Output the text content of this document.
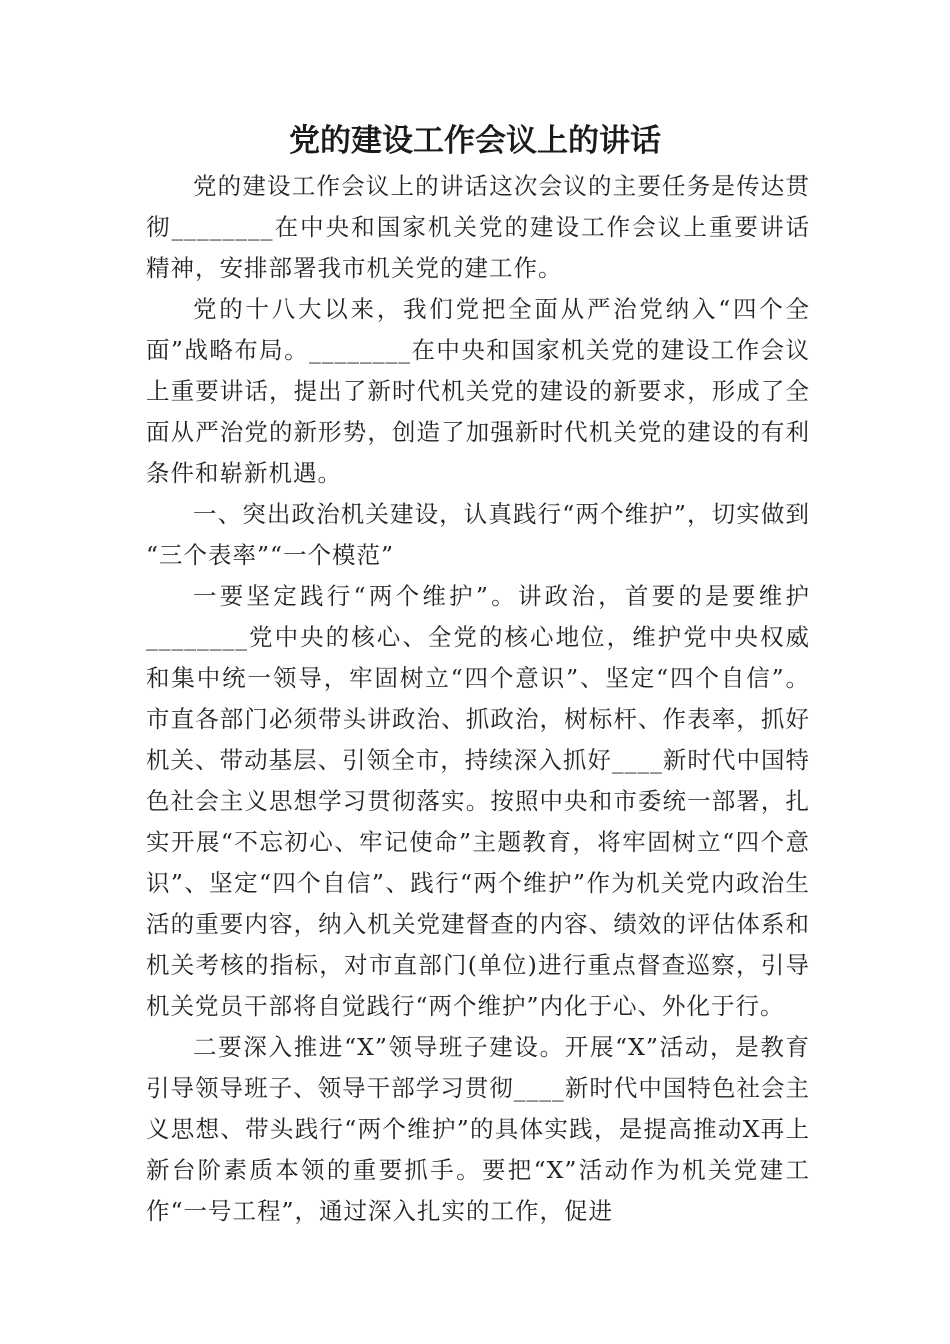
党的建设工作会议上的讲话

党的建设工作会议上的讲话这次会议的主要任务是传达贯彻________在中央和国家机关党的建设工作会议上重要讲话精神，安排部署我市机关党的建工作。

党的十八大以来，我们党把全面从严治党纳入“四个全面”战略布局。________在中央和国家机关党的建设工作会议上重要讲话，提出了新时代机关党的建设的新要求，形成了全面从严治党的新形势，创造了加强新时代机关党的建设的有利条件和崭新机遇。

一、突出政治机关建设，认真践行“两个维护”，切实做到 “三个表率”“一个模范”

一要坚定践行“两个维护”。讲政治，首要的是要维护________党中央的核心、全党的核心地位，维护党中央权威和集中统一领导，牢固树立“四个意识”、坚定“四个自信”。市直各部门必须带头讲政治、抓政治，树标杆、作表率，抓好机关、带动基层、引领全市，持续深入抓好____新时代中国特色社会主义思想学习贯彻落实。按照中央和市委统一部署，扎实开展“不忘初心、牢记使命”主题教育，将牢固树立“四个意识”、坚定“四个自信”、践行“两个维护”作为机关党内政治生活的重要内容，纳入机关党建督查的内容、绩效的评估体系和机关考核的指标，对市直部门(单位)进行重点督查巡察，引导机关党员干部将自觉践行“两个维护”内化于心、外化于行。

二要深入推进“X”领导班子建设。开展“X”活动，是教育引导领导班子、领导干部学习贯彻____新时代中国特色社会主义思想、带头践行“两个维护”的具体实践，是提高推动X再上新台阶素质本领的重要抓手。要把“X”活动作为机关党建工作“一号工程”，通过深入扎实的工作，促进
